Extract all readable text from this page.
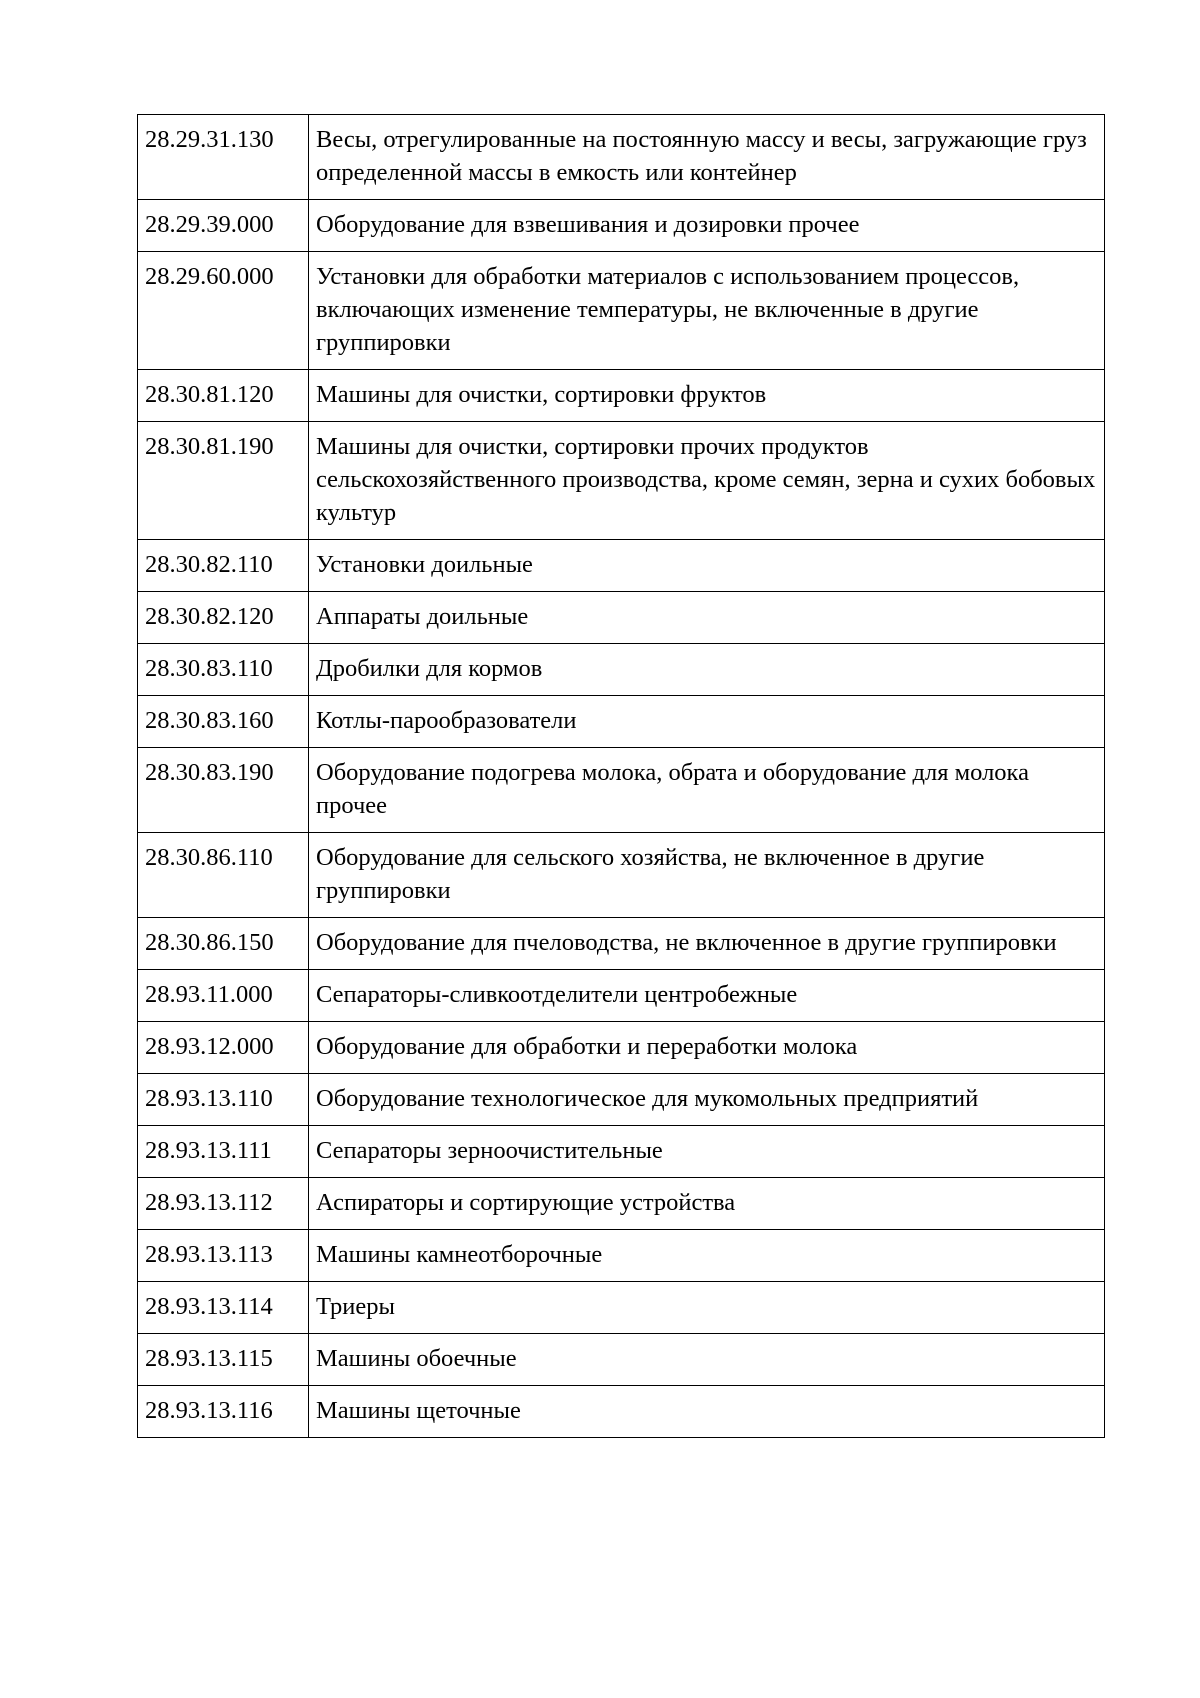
28.29.31.130	Весы, отрегулированные на постоянную массу и весы, загружающие груз определенной массы в емкость или контейнер
28.29.39.000	Оборудование для взвешивания и дозировки прочее
28.29.60.000	Установки для обработки материалов с использованием процессов, включающих изменение температуры, не включенные в другие группировки
28.30.81.120	Машины для очистки, сортировки фруктов
28.30.81.190	Машины для очистки, сортировки прочих продуктов сельскохозяйственного производства, кроме семян, зерна и сухих бобовых культур
28.30.82.110	Установки доильные
28.30.82.120	Аппараты доильные
28.30.83.110	Дробилки для кормов
28.30.83.160	Котлы-парообразователи
28.30.83.190	Оборудование подогрева молока, обрата и оборудование для молока прочее
28.30.86.110	Оборудование для сельского хозяйства, не включенное в другие группировки
28.30.86.150	Оборудование для пчеловодства, не включенное в другие группировки
28.93.11.000	Сепараторы-сливкоотделители центробежные
28.93.12.000	Оборудование для обработки и переработки молока
28.93.13.110	Оборудование технологическое для мукомольных предприятий
28.93.13.111	Сепараторы зерноочистительные
28.93.13.112	Аспираторы и сортирующие устройства
28.93.13.113	Машины камнеотборочные
28.93.13.114	Триеры
28.93.13.115	Машины обоечные
28.93.13.116	Машины щеточные
